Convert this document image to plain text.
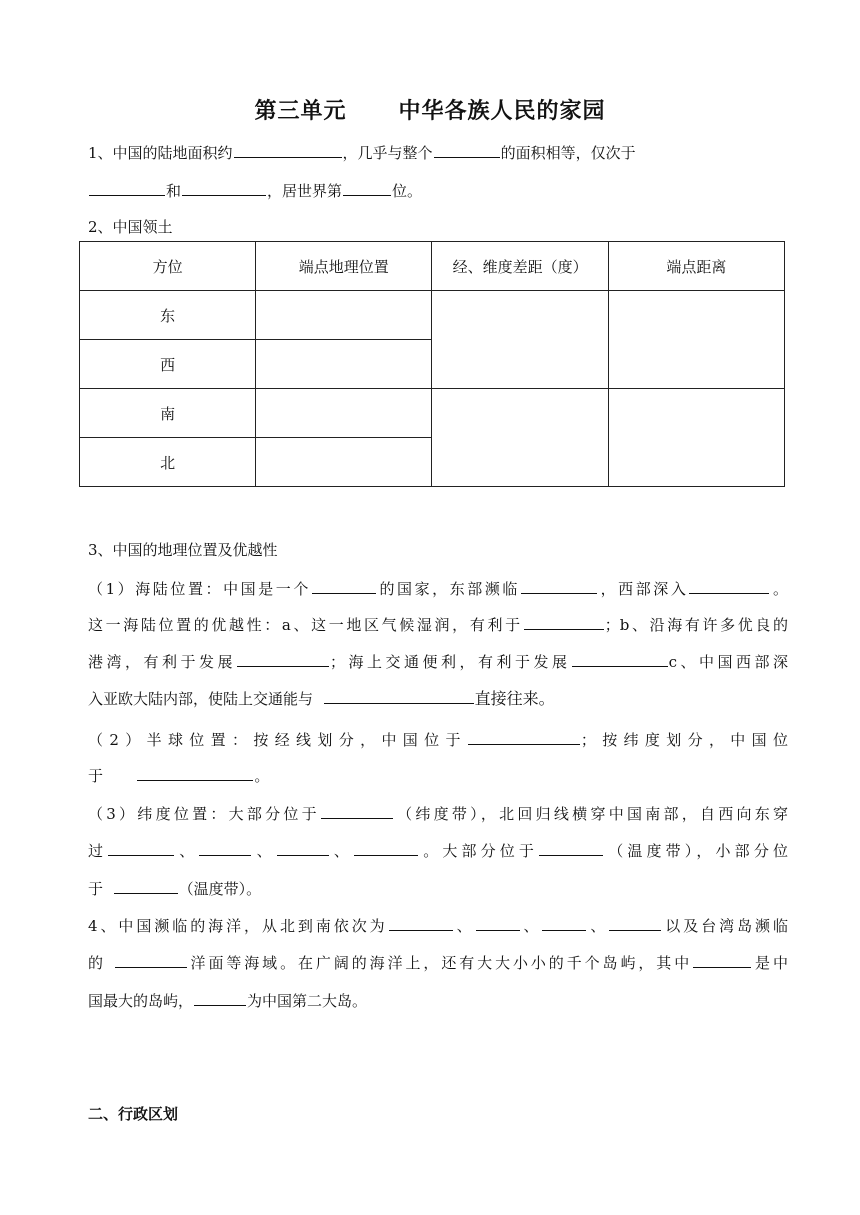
第三单元      中华各族人民的家园
1、中国的陆地面积约	，几乎与整个	的面积相等，仅次于
和	，居世界第	位。
2、中国领土
方位	端点地理位置	经、维度差距（度）	端点距离
东			
西			
南			
北			
3、中国的地理位置及优越性
（1）海陆位置：中国是一个	的国家，东部濒临	，西部深入	。
这一海陆位置的优越性：a、这一地区气候湿润，有利于	；b、沿海有许多优良的
港湾，有利于发展	；海上交通便利，有利于发展	c、中国西部深
入亚欧大陆内部，使陆上交通能与	直接往来。
（2）半球位置：按经线划分，中国位于	；按纬度划分，中国位
于	。
（3）纬度位置：大部分位于	（纬度带），北回归线横穿中国南部，自西向东穿
过	、	、	、	。大部分位于	（温度带），小部分位
于	（温度带）。
4、中国濒临的海洋，从北到南依次为	、	、	、	以及台湾岛濒临
的	洋面等海域。在广阔的海洋上，还有大大小小的千个岛屿，其中	是中
国最大的岛屿，	为中国第二大岛。
二、行政区划
